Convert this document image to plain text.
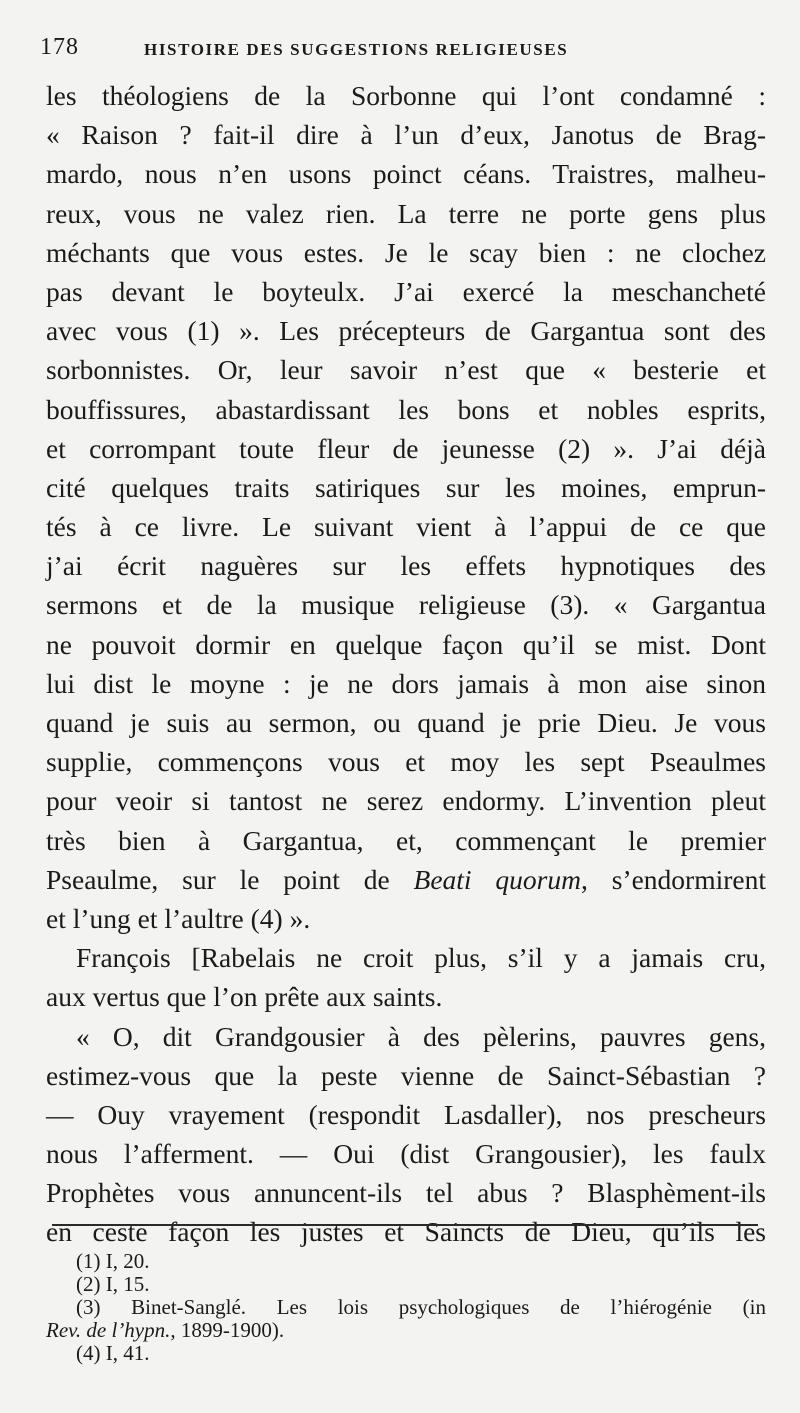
178	HISTOIRE DES SUGGESTIONS RELIGIEUSES
les théologiens de la Sorbonne qui l’ont condamné :
« Raison ? fait-il dire à l’un d’eux, Janotus de Brag-
mardo, nous n’en usons poinct céans. Traistres, malheu-
reux, vous ne valez rien. La terre ne porte gens plus
méchants que vous estes. Je le scay bien : ne clochez
pas devant le boyteulx. J’ai exercé la meschancheté
avec vous (1) ». Les précepteurs de Gargantua sont des
sorbonnistes. Or, leur savoir n’est que « besterie et
bouffissures, abastardissant les bons et nobles esprits,
et corrompant toute fleur de jeunesse (2) ». J’ai déjà
cité quelques traits satiriques sur les moines, emprun-
tés à ce livre. Le suivant vient à l’appui de ce que
j’ai écrit naguères sur les effets hypnotiques des
sermons et de la musique religieuse (3). « Gargantua
ne pouvoit dormir en quelque façon qu’il se mist. Dont
lui dist le moyne : je ne dors jamais à mon aise sinon
quand je suis au sermon, ou quand je prie Dieu. Je vous
supplie, commençons vous et moy les sept Pseaulmes
pour veoir si tantost ne serez endormy. L’invention pleut
très bien à Gargantua, et, commençant le premier
Pseaulme, sur le point de Beati quorum, s’endormirent
et l’ung et l’aultre (4) ».
François [Rabelais ne croit plus, s’il y a jamais cru,
aux vertus que l’on prête aux saints.
« O, dit Grandgousier à des pèlerins, pauvres gens,
estimez-vous que la peste vienne de Sainct-Sébastian ?
— Ouy vrayement (respondit Lasdaller), nos prescheurs
nous l’afferment. — Oui (dist Grangousier), les faulx
Prophètes vous annuncent-ils tel abus ? Blasphèment-ils
en ceste façon les justes et Saincts de Dieu, qu’ils les
(1) I, 20.
(2) I, 15.
(3) Binet-Sanglé. Les lois psychologiques de l’hiérogénie (in
Rev. de l’hypn., 1899-1900).
(4) I, 41.
